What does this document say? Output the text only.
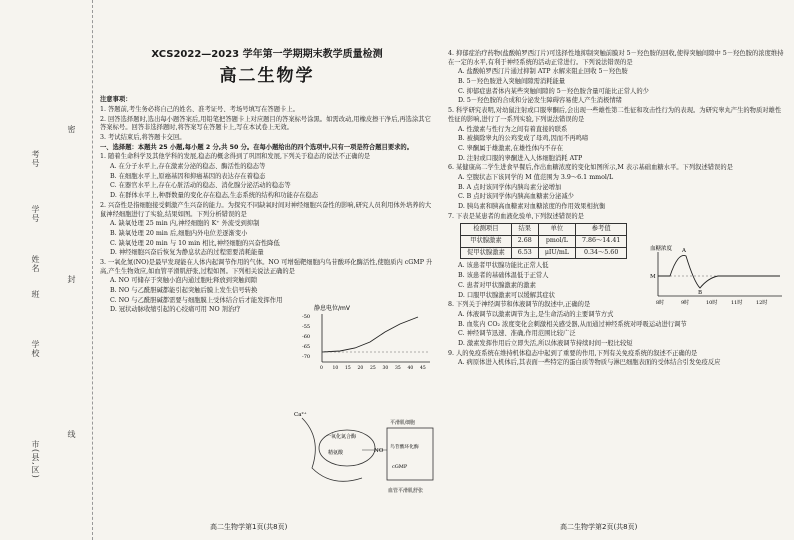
市(县,区)
学校
班
姓名
学号
考号
密
封
线
XCS2022—2023 学年第一学期期末教学质量检测
高二生物学

注意事项：

1. 答题前,考生务必将自己的姓名、准考证号、考场号填写在答题卡上。

2. 回答选择题时,选出每小题答案后,用铅笔把答题卡上对应题目的答案标号涂黑。如需改动,用橡皮擦干净后,再选涂其它答案标号。回答非选择题时,将答案写在答题卡上,写在本试卷上无效。

3. 考试结束后,将答题卡交回。

一、选择题：本题共 25 小题,每小题 2 分,共 50 分。在每小题给出的四个选项中,只有一项是符合题目要求的。

1. 随着生命科学及其他学科的发展,稳态的概念得到了巩固和发展,下列关于稳态的说法不正确的是

A. 在分子水平上,存在激素分泌的稳态、酶活性的稳态等

B. 在细胞水平上,原癌基因和抑癌基因的表达存在着稳态

C. 在器官水平上,存在心脏活动的稳态、消化腺分泌活动的稳态等

D. 在群体水平上,种群数量的变化存在稳态,生态系统的结构和功能存在稳态

2. 兴奋性是指细胞接受刺激产生兴奋的能力。为探究不同缺氧时间对神经细胞兴奋性的影响,研究人员利用体外培养的大鼠神经细胞进行了实验,结果如图。下列分析错误的是

A. 缺氧处理 25 min 内,神经细胞的 K⁺ 外流受到抑制

B. 缺氧处理 20 min 后,细胞内外电位差逐渐变小

C. 缺氧处理 20 min 与 10 min 相比,神经细胞的兴奋性降低

D. 神经细胞兴奋后恢复为静息状态的过程需要消耗能量

3. 一氧化氮(NO)是最早发现能在人体内起调节作用的气体。NO 可增强靶细胞内鸟苷酸环化酶活性,使胞质内 cGMP 升高,产生生物效应,如血管平滑肌舒张,过程如图。下列相关说法正确的是

A. NO 可储存于突触小泡内通过胞吐释放到突触间隙

B. NO 与乙酰胆碱都能引起突触后膜上发生信号转换

C. NO 与乙酰胆碱都需要与细胞膜上受体结合后才能发挥作用

D. 冠状动脉收缩引起的心绞痛可用 NO 剂治疗	静息电位/mV
-50
-55
-60
-65
-70
0 10 15 20 25 30 35 40 45
Ca²⁺
一氧化氮合酶
精氨酸	NO
平滑肌细胞
鸟苷酸环化酶
cGMP
血管平滑肌舒张
高二生物学第1页(共8页)

4. 抑郁症治疗药物(盐酸帕罗西汀片)可选择性地抑制突触前膜对 5－羟色胺的回收,使得突触间隙中 5－羟色胺的浓度维持在一定的水平,有利于神经系统的活动正常进行。下列说法错误的是

A. 盐酸帕罗西汀片通过抑制 ATP 水解来阻止回收 5－羟色胺

B. 5－羟色胺进入突触间隙需消耗能量

C. 抑郁症患者体内某些突触间隙的 5－羟色胺含量可能比正常人的少

D. 5－羟色胺的合成和分泌发生障碍容易使人产生消极情绪

5. 科学研究表明,对幼鼠注射或口服睾酮后,会出现一些雄性第二性征和攻击性行为的表现。为研究睾丸产生的物质对雄性性征的影响,进行了一系列实验,下列说法错误的是

A. 性激素与性行为之间有着直接的联系

B. 被摘除睾丸的公鸡变成了母鸡,因而不再鸣啼

C. 睾酮属于雄激素,在雄性体内不存在

D. 注射或口服的睾酮进入人体细胞消耗 ATP

6. 某健康高二学生进食早餐后,作出血糖浓度的变化如图所示,M 表示基础血糖水平。下列叙述错误的是

A. 空腹状态下该同学的 M 值范围为 3.9～6.1 mmol/L

B. A 点时该同学体内胰岛素分泌增加

C. B 点时该同学体内胰高血糖素分泌减少

D. 胰岛素和胰高血糖素对血糖浓度的作用效果相抗衡

7. 下表是某患者的血液化验单,下列叙述错误的是

检测项目	结果	单位	参考值
甲状腺激素	2.68	pmol/L	7.86～14.41
促甲状腺激素	6.53	μIU/mL	0.34～5.60

A. 该患者甲状腺功能比正常人低

B. 该患者的基础体温低于正常人

C. 患者对甲状腺激素的激素

D. 口服甲状腺激素可以缓解其症状

8. 下列关于神经调节和体液调节的叙述中,正确的是

A. 体液调节以激素调节为主,是生命活动的主要调节方式

B. 血浆内 CO₂ 浓度变化会刺激相关感受器,从而通过神经系统对呼吸运动进行调节

C. 神经调节迅速、准确,作用范围比较广泛

D. 激素发挥作用后立即失活,所以体液调节持续时间一般比较短

9. 人的免疫系统在维持机体稳态中起到了重要的作用,下列有关免疫系统的叙述不正确的是

A. 病原体进入机体后,其表面一些特定的蛋白质等物质与淋巴细胞表面的受体结合引发免疫反应

血糖浓度 A
B
M
8时	9时	10时	11时	12时
高二生物学第2页(共8页)
